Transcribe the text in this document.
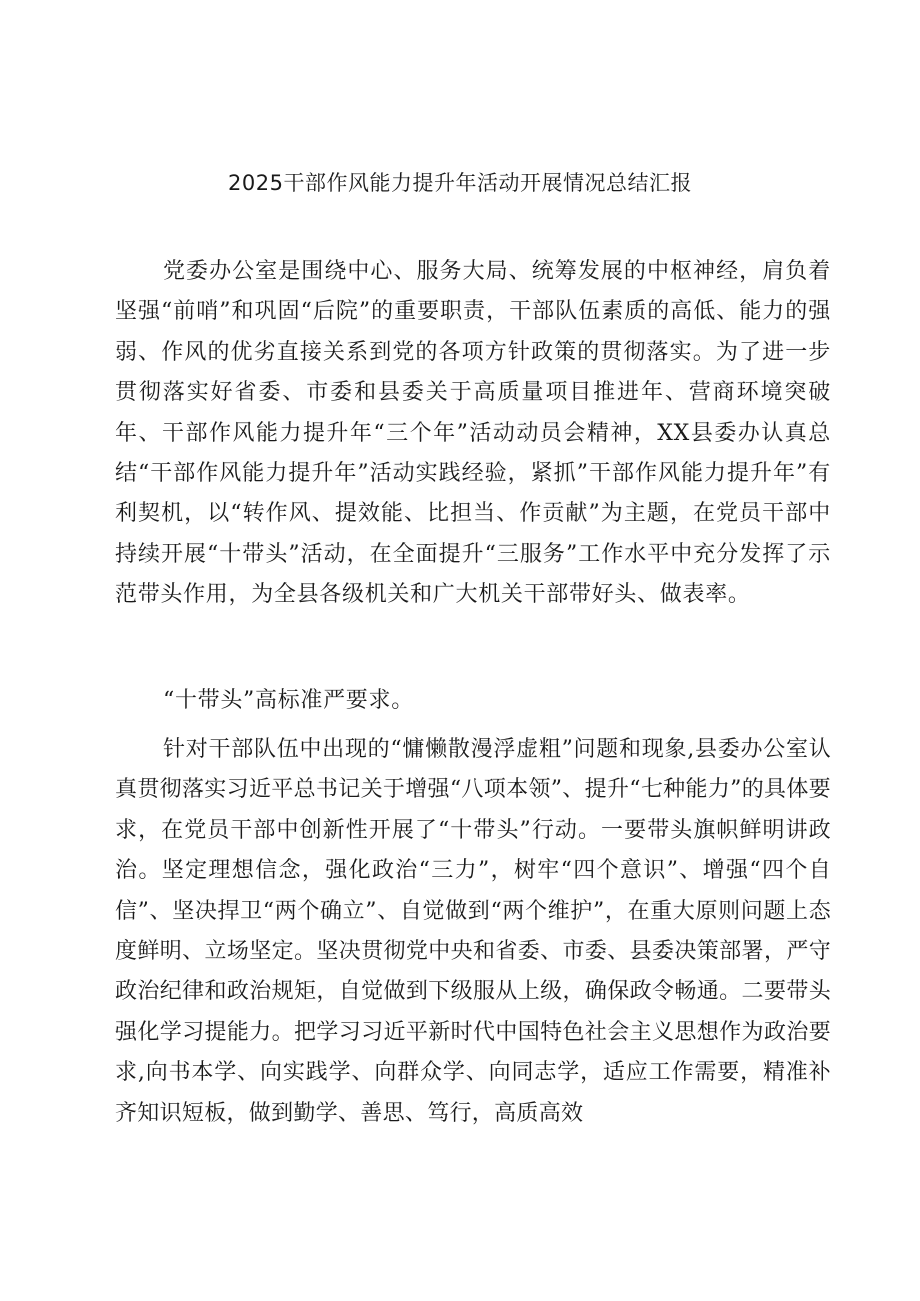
2025干部作风能力提升年活动开展情况总结汇报

党委办公室是围绕中心、服务大局、统筹发展的中枢神经，肩负着坚强“前哨”和巩固“后院”的重要职责，干部队伍素质的高低、能力的强弱、作风的优劣直接关系到党的各项方针政策的贯彻落实。为了进一步贯彻落实好省委、市委和县委关于高质量项目推进年、营商环境突破年、干部作风能力提升年“三个年”活动动员会精神，XX县委办认真总结“干部作风能力提升年”活动实践经验，紧抓”干部作风能力提升年”有利契机，以“转作风、提效能、比担当、作贡献”为主题，在党员干部中持续开展“十带头”活动，在全面提升“三服务”工作水平中充分发挥了示范带头作用，为全县各级机关和广大机关干部带好头、做表率。

“十带头”高标准严要求。

针对干部队伍中出现的“慵懒散漫浮虚粗”问题和现象,县委办公室认真贯彻落实习近平总书记关于增强“八项本领”、提升“七种能力”的具体要求，在党员干部中创新性开展了“十带头”行动。一要带头旗帜鲜明讲政治。坚定理想信念，强化政治“三力”，树牢“四个意识”、增强“四个自信”、坚决捍卫“两个确立”、自觉做到“两个维护”，在重大原则问题上态度鲜明、立场坚定。坚决贯彻党中央和省委、市委、县委决策部署，严守政治纪律和政治规矩，自觉做到下级服从上级，确保政令畅通。二要带头强化学习提能力。把学习习近平新时代中国特色社会主义思想作为政治要求,向书本学、向实践学、向群众学、向同志学，适应工作需要，精准补齐知识短板，做到勤学、善思、笃行，高质高效
